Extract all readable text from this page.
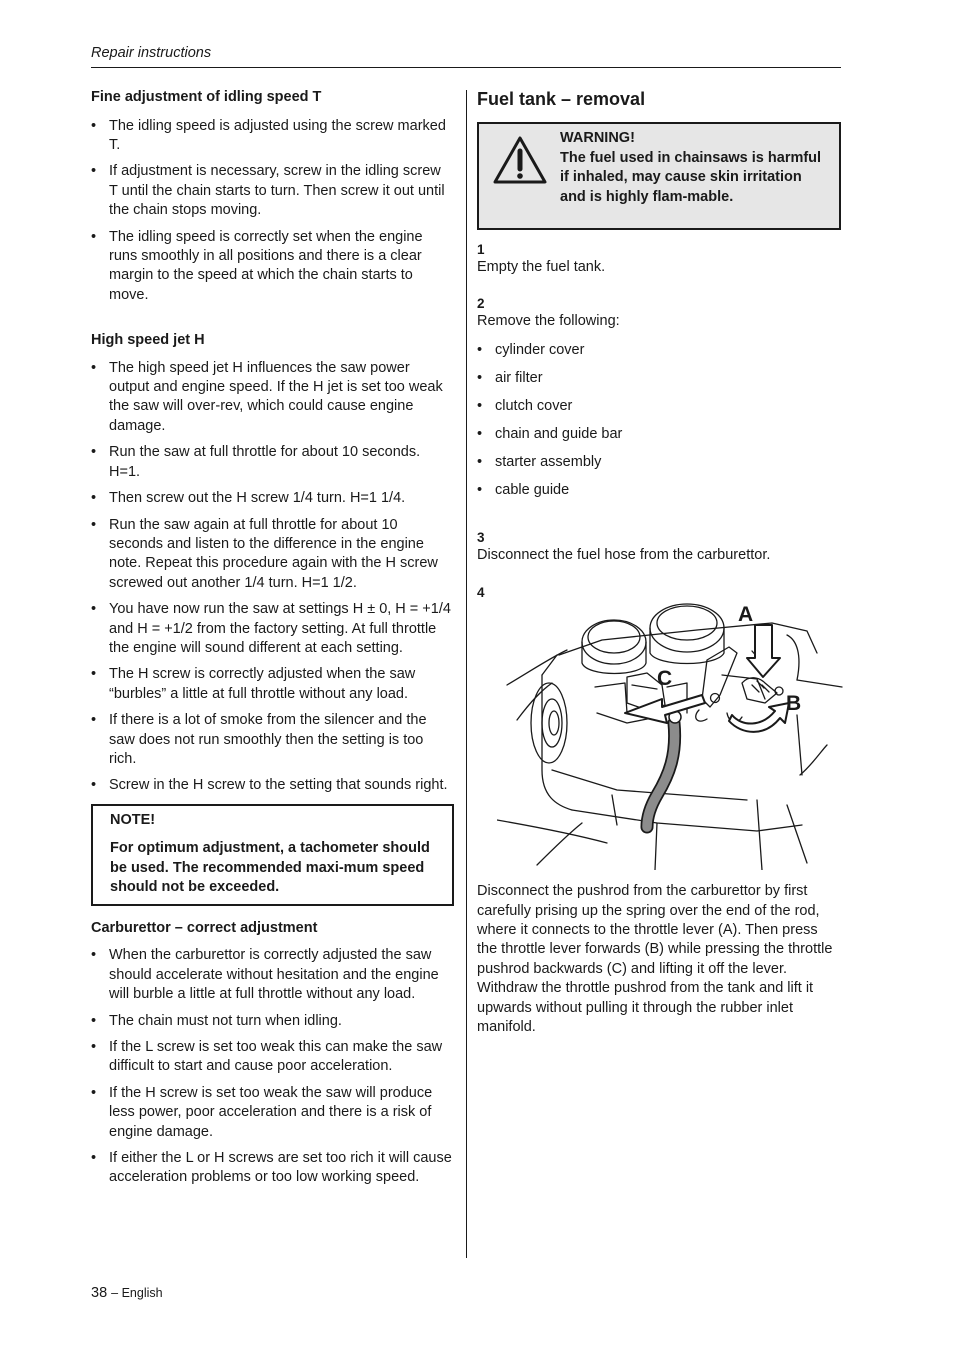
Repair instructions
Fine adjustment of idling speed T
• The idling speed is adjusted using the screw marked T.
• If adjustment is necessary, screw in the idling screw T until the chain starts to turn. Then screw it out until the chain stops moving.
• The idling speed is correctly set when the engine runs smoothly in all positions and there is a clear margin to the speed at which the chain starts to move.
High speed jet H
• The high speed jet H influences the saw power output and engine speed. If the H jet is set too weak the saw will over-rev, which could cause engine damage.
• Run the saw at full throttle for about 10 seconds. H=1.
• Then screw out the H screw 1/4 turn. H=1 1/4.
• Run the saw again at full throttle for about 10 seconds and listen to the difference in the engine note. Repeat this procedure again with the H screw screwed out another 1/4 turn. H=1 1/2.
• You have now run the saw at settings H ± 0, H = +1/4 and H = +1/2 from the factory setting. At full throttle the engine will sound different at each setting.
• The H screw is correctly adjusted when the saw “burbles” a little at full throttle without any load.
• If there is a lot of smoke from the silencer and the saw does not run smoothly then the setting is too rich.
• Screw in the H screw to the setting that sounds right.
NOTE!
For optimum adjustment, a tachometer should be used. The recommended maxi-mum speed should not be exceeded.
Carburettor – correct adjustment
• When the carburettor is correctly adjusted the saw should accelerate without hesitation and the engine will burble a little at full throttle without any load.
• The chain must not turn when idling.
• If the L screw is set too weak this can make the saw difficult to start and cause poor acceleration.
• If the H screw is set too weak the saw will produce less power, poor acceleration and there is a risk of engine damage.
• If either the L or H screws are set too rich it will cause acceleration problems or too low working speed.
Fuel tank – removal
WARNING!
The fuel used in chainsaws is harmful if inhaled, may cause skin irritation and is highly flam-mable.
1
Empty the fuel tank.
2
Remove the following:
• cylinder cover
• air filter
• clutch cover
• chain and guide bar
• starter assembly
• cable guide
3
Disconnect the fuel hose from the carburettor.
4
A
B
C
Disconnect the pushrod from the carburettor by first carefully prising up the spring over the end of the rod, where it connects to the throttle lever (A). Then press the throttle lever forwards (B) while pressing the throttle pushrod backwards (C) and lifting it off the lever. Withdraw the throttle pushrod from the tank and lift it upwards without pulling it through the rubber inlet manifold.
38 – English
